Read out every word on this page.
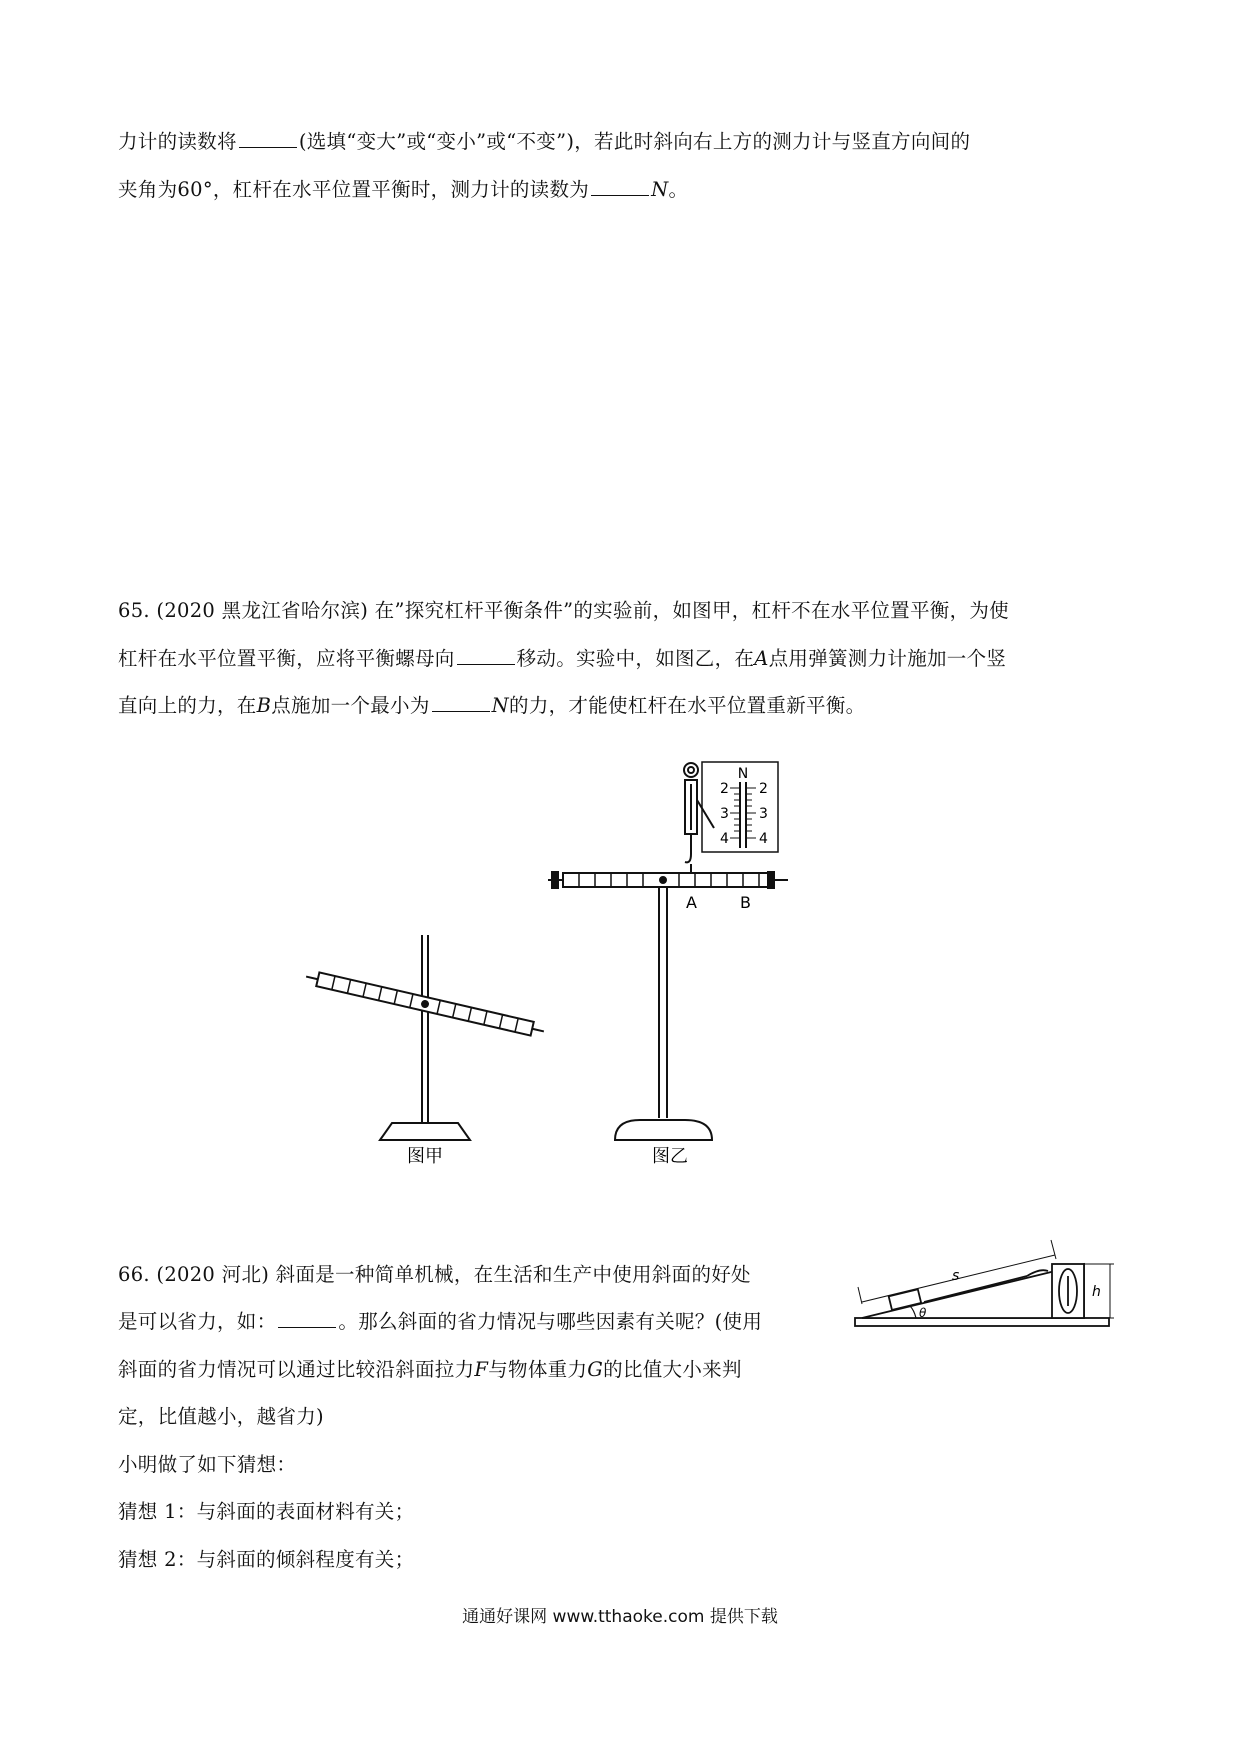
力计的读数将	(选填“变大”或“变小”或“不变”)，若此时斜向右上方的测力计与竖直方向间的
夹角为60°，杠杆在水平位置平衡时，测力计的读数为	N。
65. (2020 黑龙江省哈尔滨) 在”探究杠杆平衡条件”的实验前，如图甲，杠杆不在水平位置平衡，为使
杠杆在水平位置平衡，应将平衡螺母向	移动。实验中，如图乙，在A点用弹簧测力计施加一个竖
直向上的力，在B点施加一个最小为	N的力，才能使杠杆在水平位置重新平衡。
图甲
N
2
3
4
2
3
4
A	B
图乙
66. (2020 河北) 斜面是一种简单机械，在生活和生产中使用斜面的好处
是可以省力，如：	。那么斜面的省力情况与哪些因素有关呢？(使用
斜面的省力情况可以通过比较沿斜面拉力F与物体重力G的比值大小来判
定，比值越小，越省力)
小明做了如下猜想：
猜想 1：与斜面的表面材料有关；
猜想 2：与斜面的倾斜程度有关；
s
h
θ
通通好课网 www.tthaoke.com 提供下载
